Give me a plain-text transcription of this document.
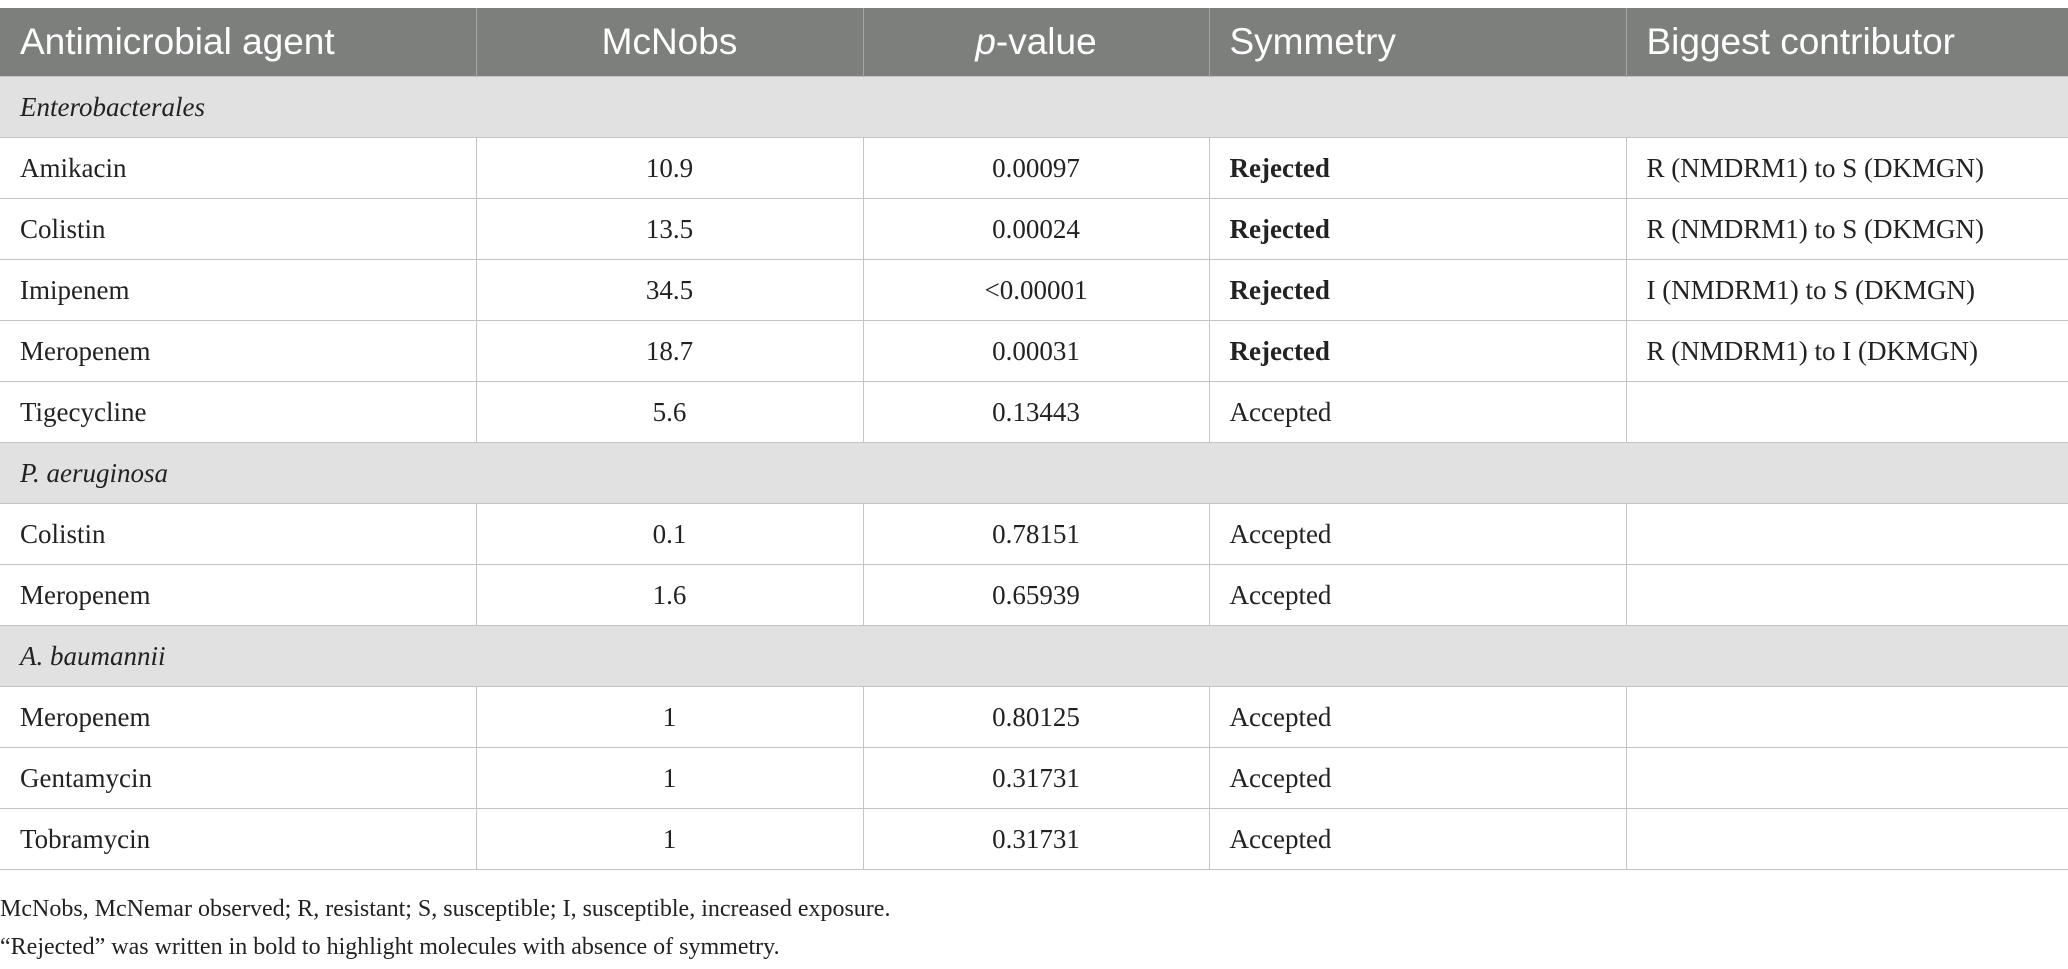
Antimicrobial agent	McNobs	p-value	Symmetry	Biggest contributor
Enterobacterales				
Amikacin	10.9	0.00097	Rejected	R (NMDRM1) to S (DKMGN)
Colistin	13.5	0.00024	Rejected	R (NMDRM1) to S (DKMGN)
Imipenem	34.5	<0.00001	Rejected	I (NMDRM1) to S (DKMGN)
Meropenem	18.7	0.00031	Rejected	R (NMDRM1) to I (DKMGN)
Tigecycline	5.6	0.13443	Accepted	
P. aeruginosa				
Colistin	0.1	0.78151	Accepted	
Meropenem	1.6	0.65939	Accepted	
A. baumannii				
Meropenem	1	0.80125	Accepted	
Gentamycin	1	0.31731	Accepted	
Tobramycin	1	0.31731	Accepted	
McNobs, McNemar observed; R, resistant; S, susceptible; I, susceptible, increased exposure.
“Rejected” was written in bold to highlight molecules with absence of symmetry.
